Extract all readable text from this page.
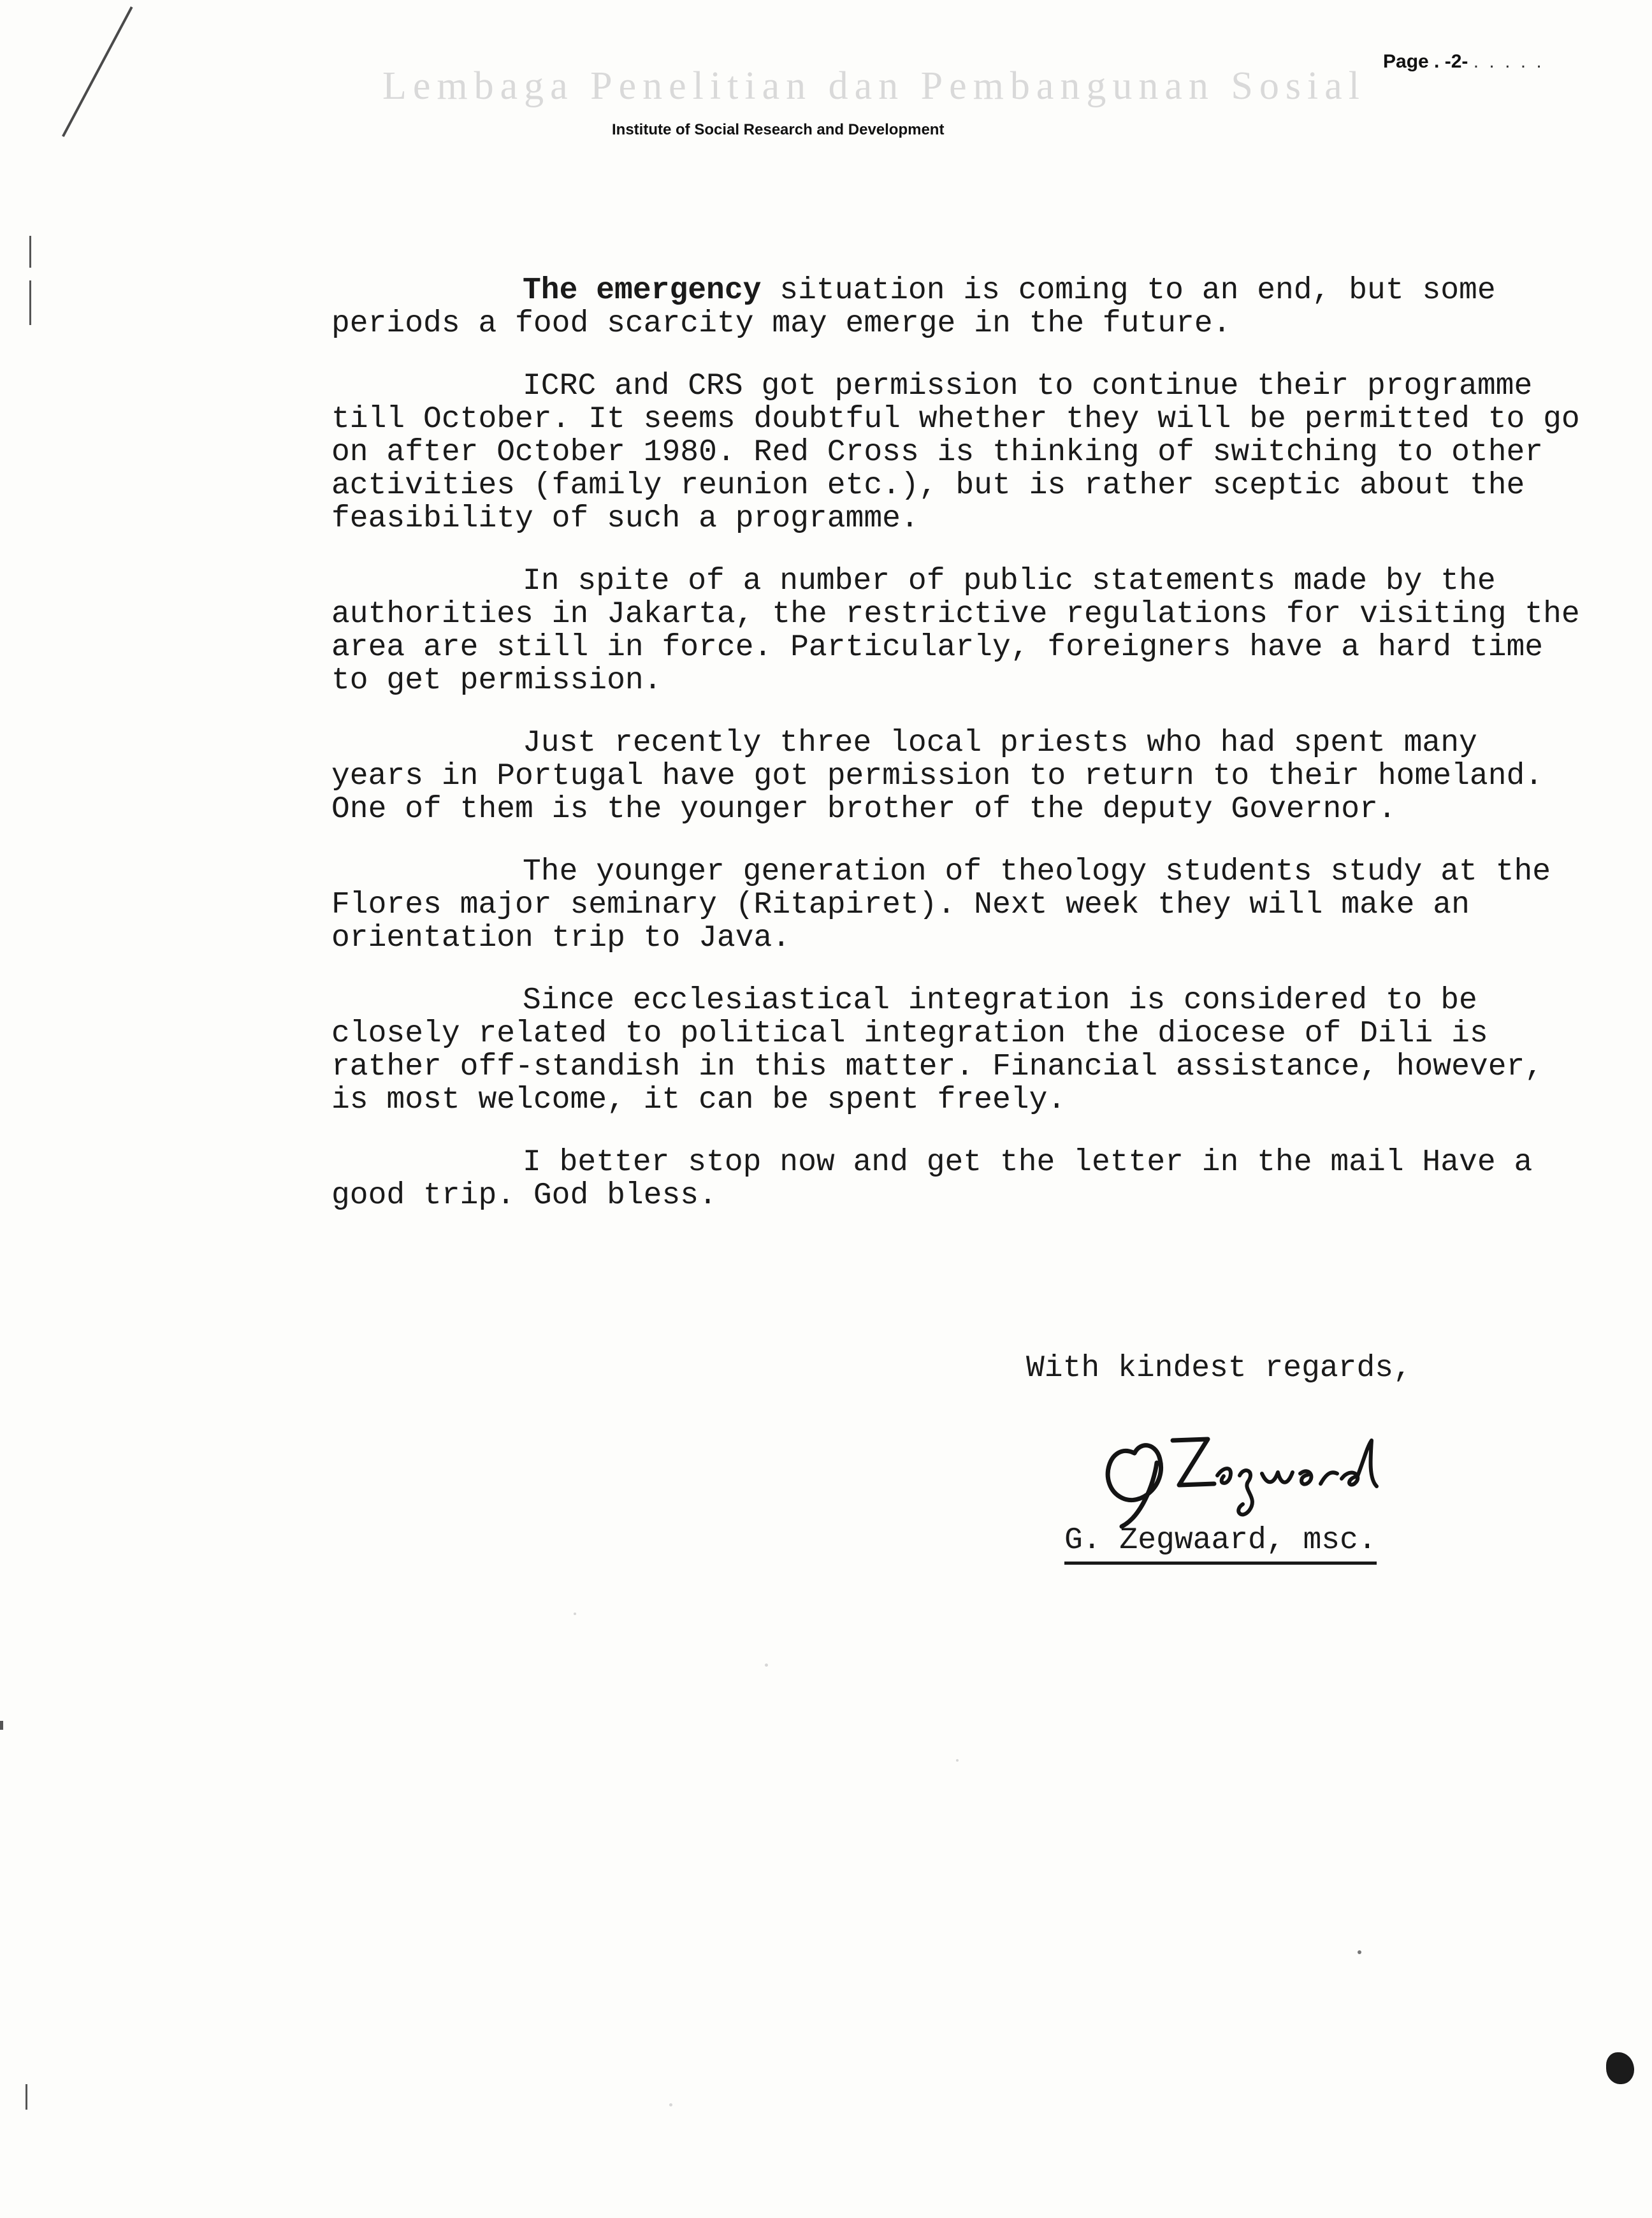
Page . -2- . . . . .
Lembaga Penelitian dan Pembangunan Sosial
Institute of Social Research and Development

The emergency situation is coming to an end, but some periods a food scarcity may emerge in the future.

ICRC and CRS got permission to continue their programme till October. It seems doubtful whether they will be permitted to go on after October 1980. Red Cross is thinking of switching to other activities (family reunion etc.), but is rather sceptic about the feasibility of such a programme.

In spite of a number of public statements made by the authorities in Jakarta, the restrictive regulations for visiting the area are still in force. Particularly, foreigners have a hard time to get permission.

Just recently three local priests who had spent many years in Portugal have got permission to return to their homeland. One of them is the younger brother of the deputy Governor.

The younger generation of theology students study at the Flores major seminary (Ritapiret). Next week they will make an orientation trip to Java.

Since ecclesiastical integration is considered to be closely related to political integration the diocese of Dili is rather off-standish in this matter. Financial assistance, however, is most welcome, it can be spent freely.

I better stop now and get the letter in the mail Have a good trip. God bless.

With kindest regards,
G. Zegwaard, msc.
